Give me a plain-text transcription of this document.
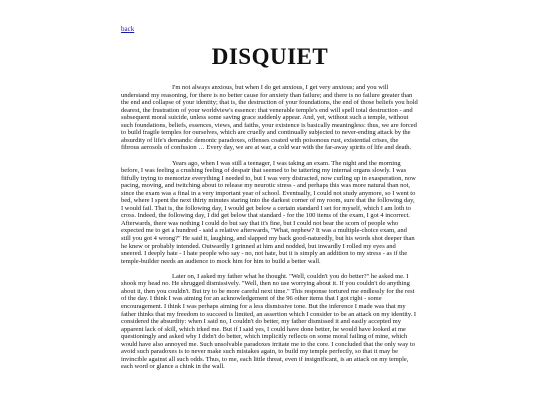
back
DISQUIET

I'm not always anxious, but when I do get anxious, I get very anxious; and you will understand my reasoning, for there is no better cause for anxiety than failure; and there is no failure greater than the end and collapse of your identity; that is, the destruction of your foundations, the end of those beliefs you hold dearest, the frustration of your worldview's essence: that venerable temple's end will spell total destruction - and subsequent moral suicide, unless some saving grace suddenly appear. And, yet, without such a temple, without such foundations, beliefs, essences, views, and faiths, your existence is basically meaningless: thus, we are forced to build fragile temples for ourselves, which are cruelly and continually subjected to never-ending attack by the absurdity of life's demands: demonic paradoxes, offenses coated with poisonous rust, existential crises, the fibrous aerosols of confusion … Every day, we are at war, a cold war with the far-away spirits of life and death.

Years ago, when I was still a teenager, I was taking an exam. The night and the morning before, I was feeling a crushing feeling of despair that seemed to be tattering my internal organs slowly. I was fitfully trying to memorize everything I needed to, but I was very distracted, now curling up in exasperation, now pacing, moving, and twitching about to release my neurotic stress - and perhaps this was more natural than not, since the exam was a final in a very important year of school. Eventually, I could not study anymore, so I went to bed, where I spent the next thirty minutes staring into the darkest corner of my room, sure that the following day, I would fail. That is, the following day, I would get below a certain standard I set for myself, which I am loth to cross. Indeed, the following day, I did get below that standard - for the 100 items of the exam, I got 4 incorrect. Afterwards, there was nothing I could do but say that it's fine, but I could not bear the scorn of people who expected me to get a hundred - said a relative afterwards, "What, nephew? It was a multiple-choice exam, and still you got 4 wrong?" He said it, laughing, and slapped my back good-naturedly, but his words shot deeper than he knew or probably intended. Outwardly I grinned at him and nodded, but inwardly I rolled my eyes and sneered. I deeply hate - I hate people who say - no, not hate, but it is simply an addition to my stress - as if the temple-builder needs an audience to mock him for him to build a better wall.

Later on, I asked my father what he thought. "Well, couldn't you do better?" he asked me. I shook my head no. He shrugged dismissively. "Well, then no use worrying about it. If you couldn't do anything about it, then you couldn't. But try to be more careful next time." This response tortured me endlessly for the rest of the day. I think I was aiming for an acknowledgement of the 96 other items that I got right - some encouragement. I think I was perhaps aiming for a less dismissive tone. But the inference I made was that my father thinks that my freedom to succeed is limited, an assertion which I consider to be an attack on my identity. I considered the absurdity: when I said no, I couldn't do better, my father dismissed it and easily accepted my apparent lack of skill, which irked me. But if I said yes, I could have done better, he would have looked at me questioningly and asked why I didn't do better, which implicitly reflects on some moral failing of mine, which would have also annoyed me. Such unsolvable paradoxes irritate me to the core. I concluded that the only way to avoid such paradoxes is to never make such mistakes again, to build my temple perfectly, so that it may be invincible against all such odds. Thus, to me, each little threat, even if insignificant, is an attack on my temple, each word or glance a chink in the wall.
